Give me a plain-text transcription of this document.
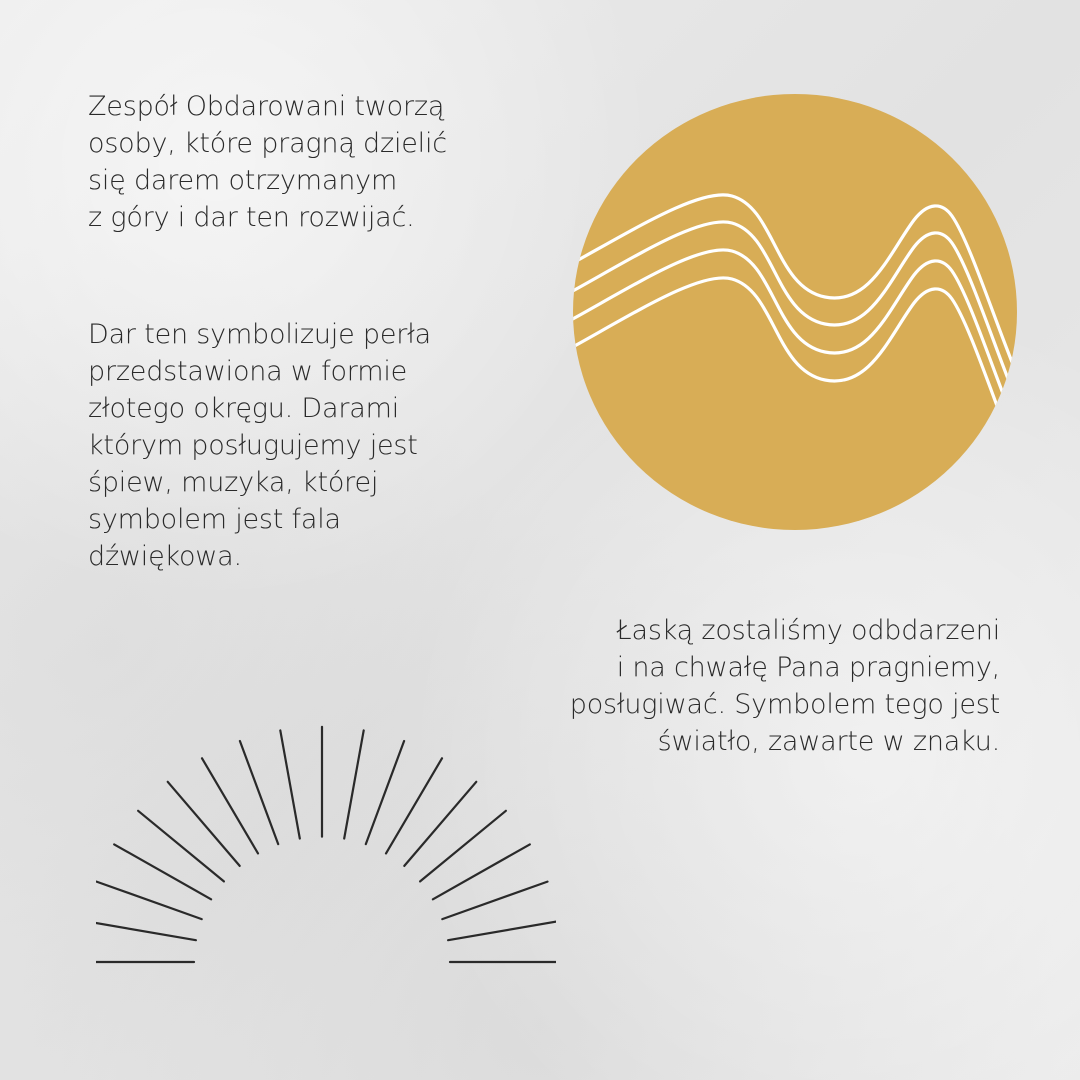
Zespół Obdarowani tworzą
osoby, które pragną dzielić
się darem otrzymanym
z góry i dar ten rozwijać.

Dar ten symbolizuje perła
przedstawiona w formie
złotego okręgu. Darami
którym posługujemy jest
śpiew, muzyka, której
symbolem jest fala
dźwiękowa.

Łaską zostaliśmy odbdarzeni
i na chwałę Pana pragniemy,
posługiwać. Symbolem tego jest
światło, zawarte w znaku.
